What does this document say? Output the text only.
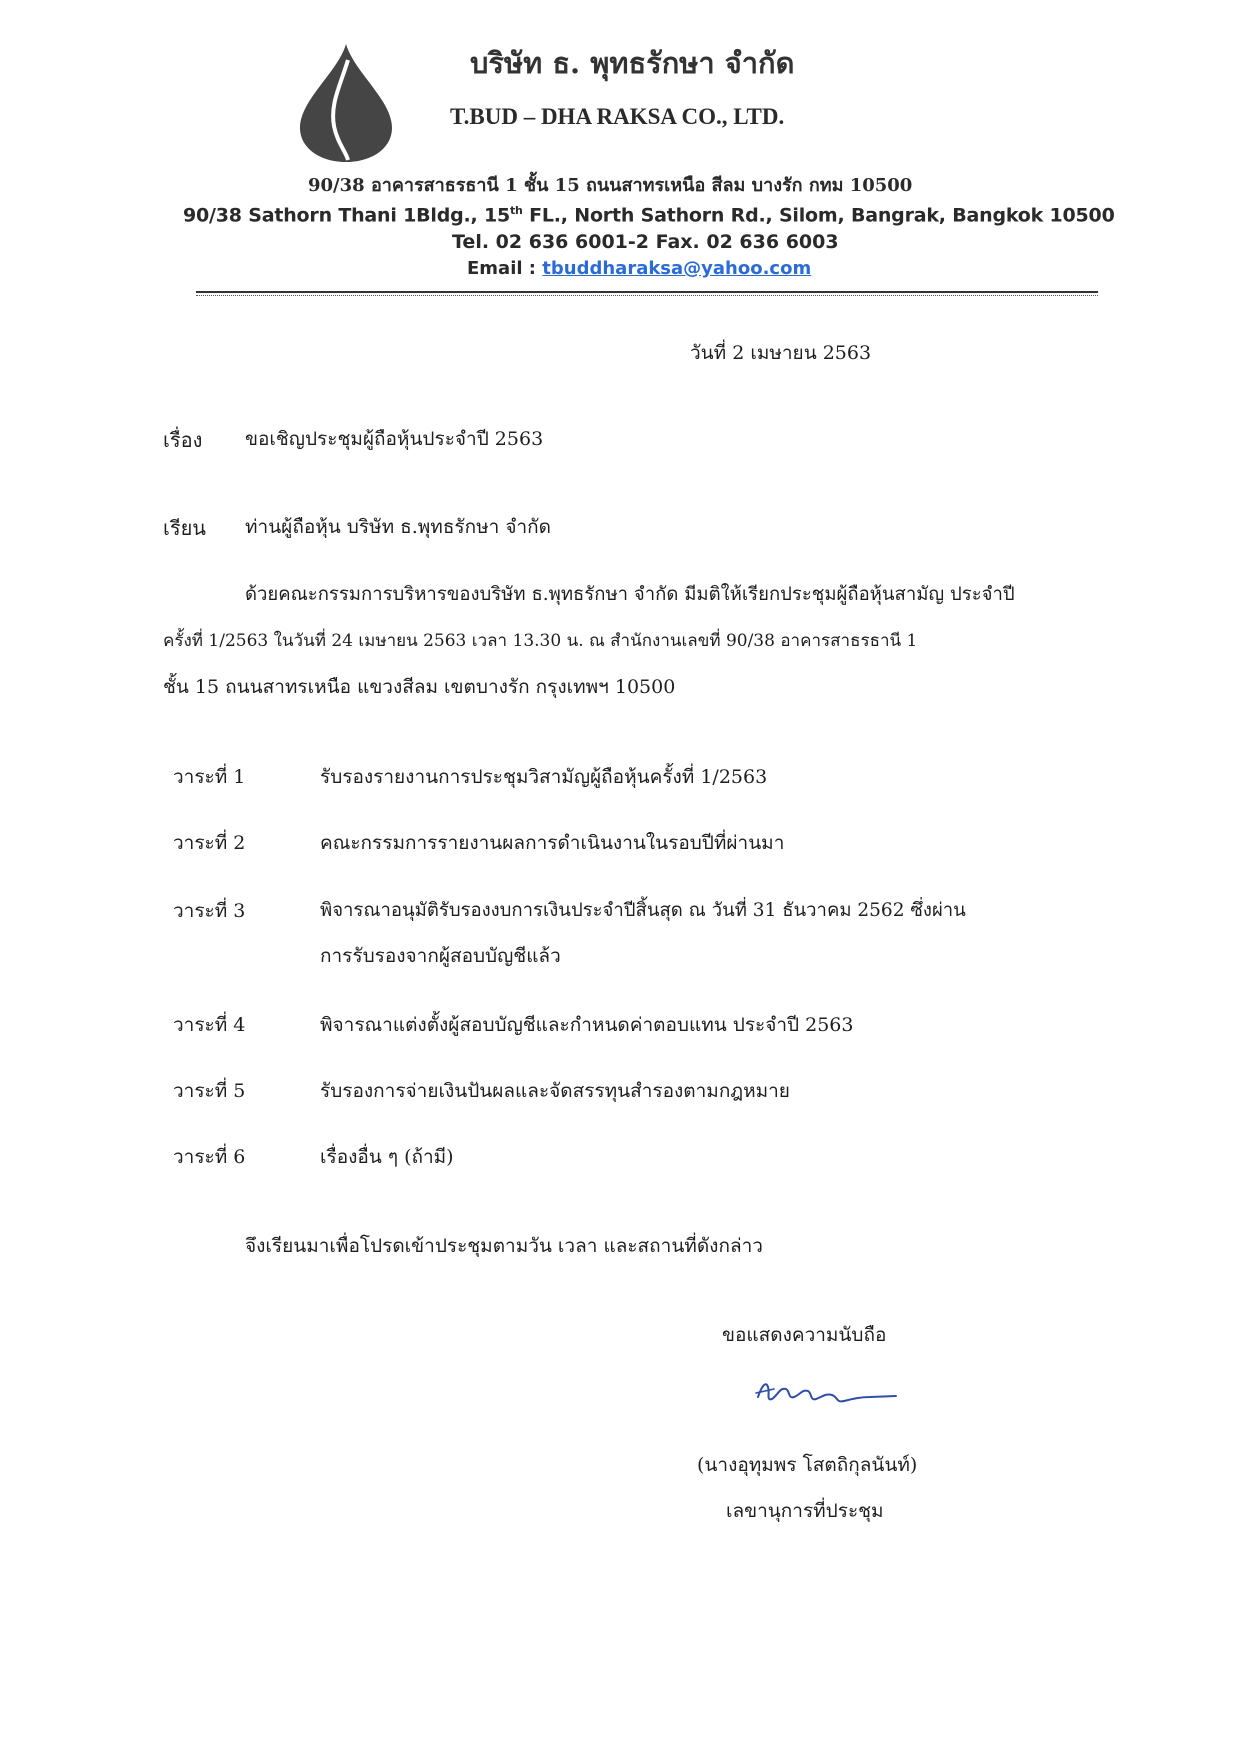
บริษัท ธ. พุทธรักษา จำกัด
T.BUD – DHA RAKSA CO., LTD.
90/38 อาคารสาธรธานี 1 ชั้น 15 ถนนสาทรเหนือ สีลม บางรัก กทม 10500
90/38 Sathorn Thani 1Bldg., 15th FL., North Sathorn Rd., Silom, Bangrak, Bangkok 10500
Tel. 02 636 6001-2 Fax. 02 636 6003
Email : tbuddharaksa@yahoo.com
วันที่ 2 เมษายน 2563
เรื่อง ขอเชิญประชุมผู้ถือหุ้นประจำปี 2563
เรียน ท่านผู้ถือหุ้น บริษัท ธ.พุทธรักษา จำกัด
ด้วยคณะกรรมการบริหารของบริษัท ธ.พุทธรักษา จำกัด มีมติให้เรียกประชุมผู้ถือหุ้นสามัญ ประจำปี
ครั้งที่ 1/2563 ในวันที่ 24 เมษายน 2563 เวลา 13.30 น. ณ สำนักงานเลขที่ 90/38 อาคารสาธรธานี 1
ชั้น 15 ถนนสาทรเหนือ แขวงสีลม เขตบางรัก กรุงเทพฯ 10500
วาระที่ 1	รับรองรายงานการประชุมวิสามัญผู้ถือหุ้นครั้งที่ 1/2563
วาระที่ 2	คณะกรรมการรายงานผลการดำเนินงานในรอบปีที่ผ่านมา
วาระที่ 3	พิจารณาอนุมัติรับรองงบการเงินประจำปีสิ้นสุด ณ วันที่ 31 ธันวาคม 2562 ซึ่งผ่าน
การรับรองจากผู้สอบบัญชีแล้ว
วาระที่ 4	พิจารณาแต่งตั้งผู้สอบบัญชีและกำหนดค่าตอบแทน ประจำปี 2563
วาระที่ 5	รับรองการจ่ายเงินปันผลและจัดสรรทุนสำรองตามกฎหมาย
วาระที่ 6	เรื่องอื่น ๆ (ถ้ามี)
จึงเรียนมาเพื่อโปรดเข้าประชุมตามวัน เวลา และสถานที่ดังกล่าว
ขอแสดงความนับถือ
(นางอุทุมพร โสตถิกุลนันท์)
เลขานุการที่ประชุม
